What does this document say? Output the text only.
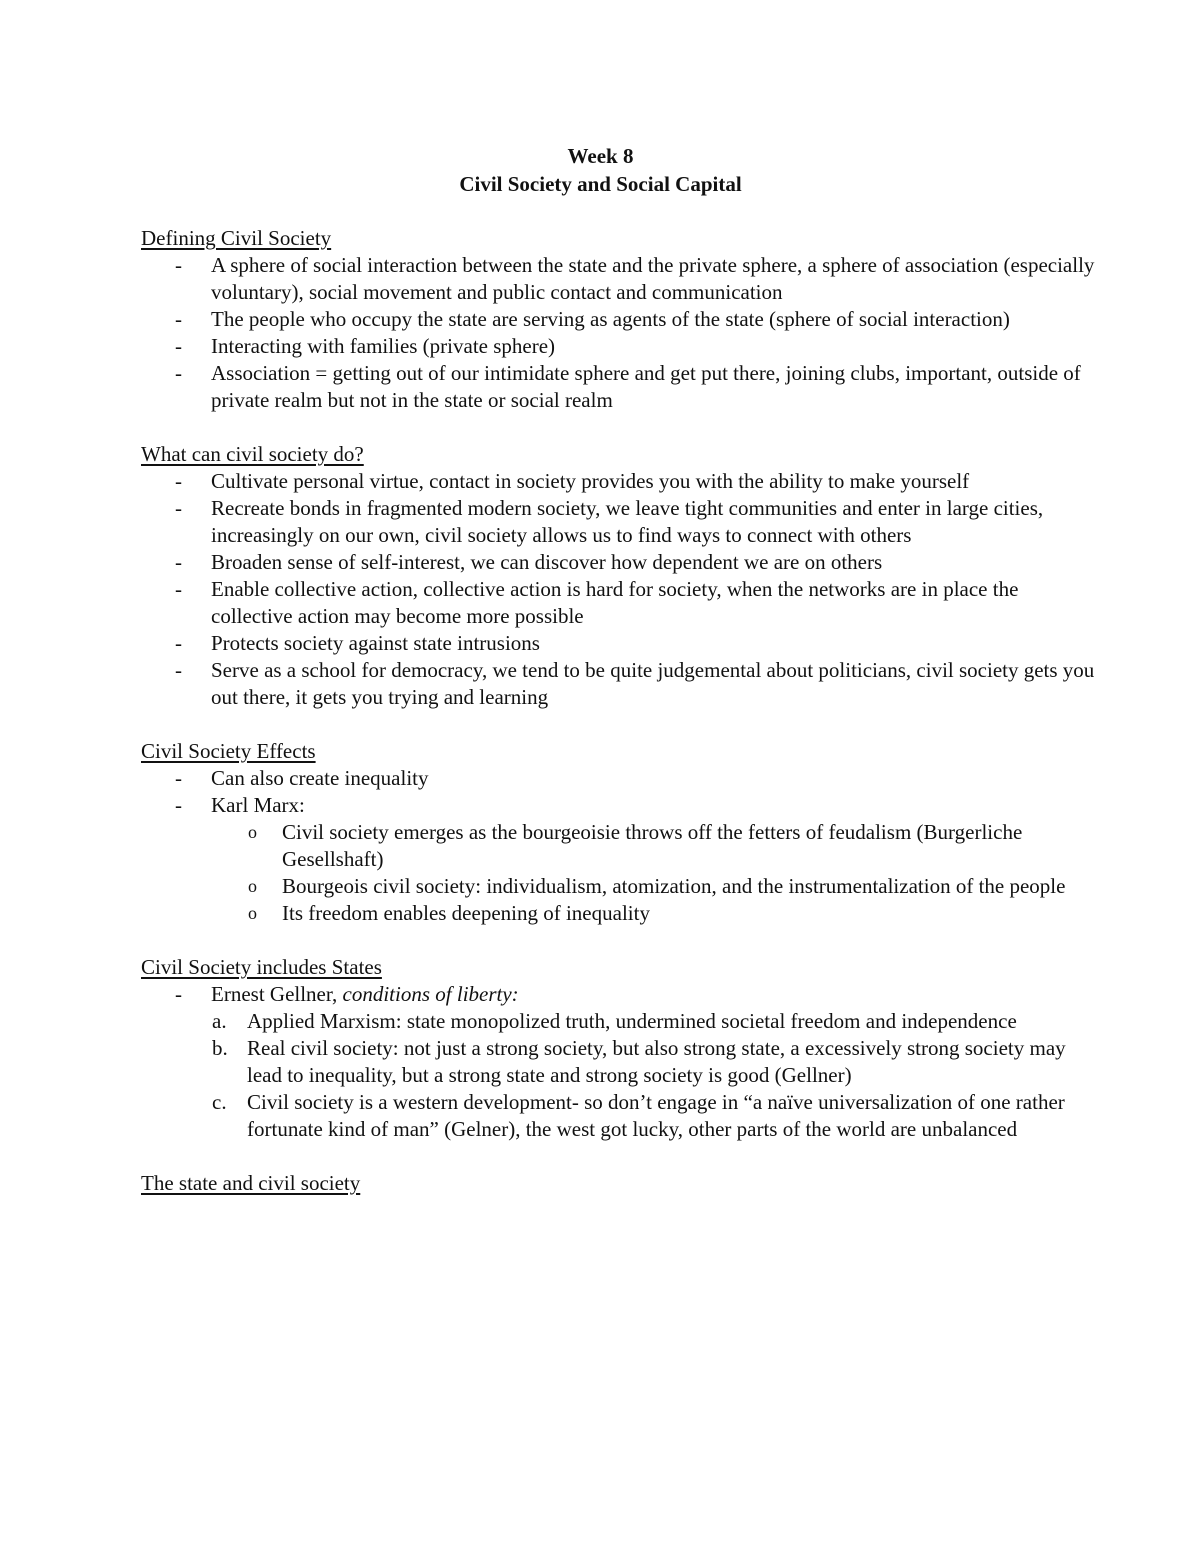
Week 8

Civil Society and Social Capital

Defining Civil Society

-	A sphere of social interaction between the state and the private sphere, a sphere of association (especially voluntary), social movement and public contact and communication
-	The people who occupy the state are serving as agents of the state (sphere of social interaction)
-	Interacting with families (private sphere)
-	Association = getting out of our intimidate sphere and get put there, joining clubs, important, outside of private realm but not in the state or social realm

What can civil society do?

-	Cultivate personal virtue, contact in society provides you with the ability to make yourself
-	Recreate bonds in fragmented modern society, we leave tight communities and enter in large cities, increasingly on our own, civil society allows us to find ways to connect with others
-	Broaden sense of self-interest, we can discover how dependent we are on others
-	Enable collective action, collective action is hard for society, when the networks are in place the collective action may become more possible
-	Protects society against state intrusions
-	Serve as a school for democracy, we tend to be quite judgemental about politicians, civil society gets you out there, it gets you trying and learning

Civil Society Effects

-	Can also create inequality
-	Karl Marx:
o Civil society emerges as the bourgeoisie throws off the fetters of feudalism (Burgerliche Gesellshaft)
o Bourgeois civil society: individualism, atomization, and the instrumentalization of the people
o Its freedom enables deepening of inequality

Civil Society includes States

-	Ernest Gellner, conditions of liberty:
a. Applied Marxism: state monopolized truth, undermined societal freedom and independence
b. Real civil society: not just a strong society, but also strong state, a excessively strong society may lead to inequality, but a strong state and strong society is good (Gellner)
c. Civil society is a western development- so don’t engage in “a naïve universalization of one rather fortunate kind of man” (Gelner), the west got lucky, other parts of the world are unbalanced

The state and civil society
